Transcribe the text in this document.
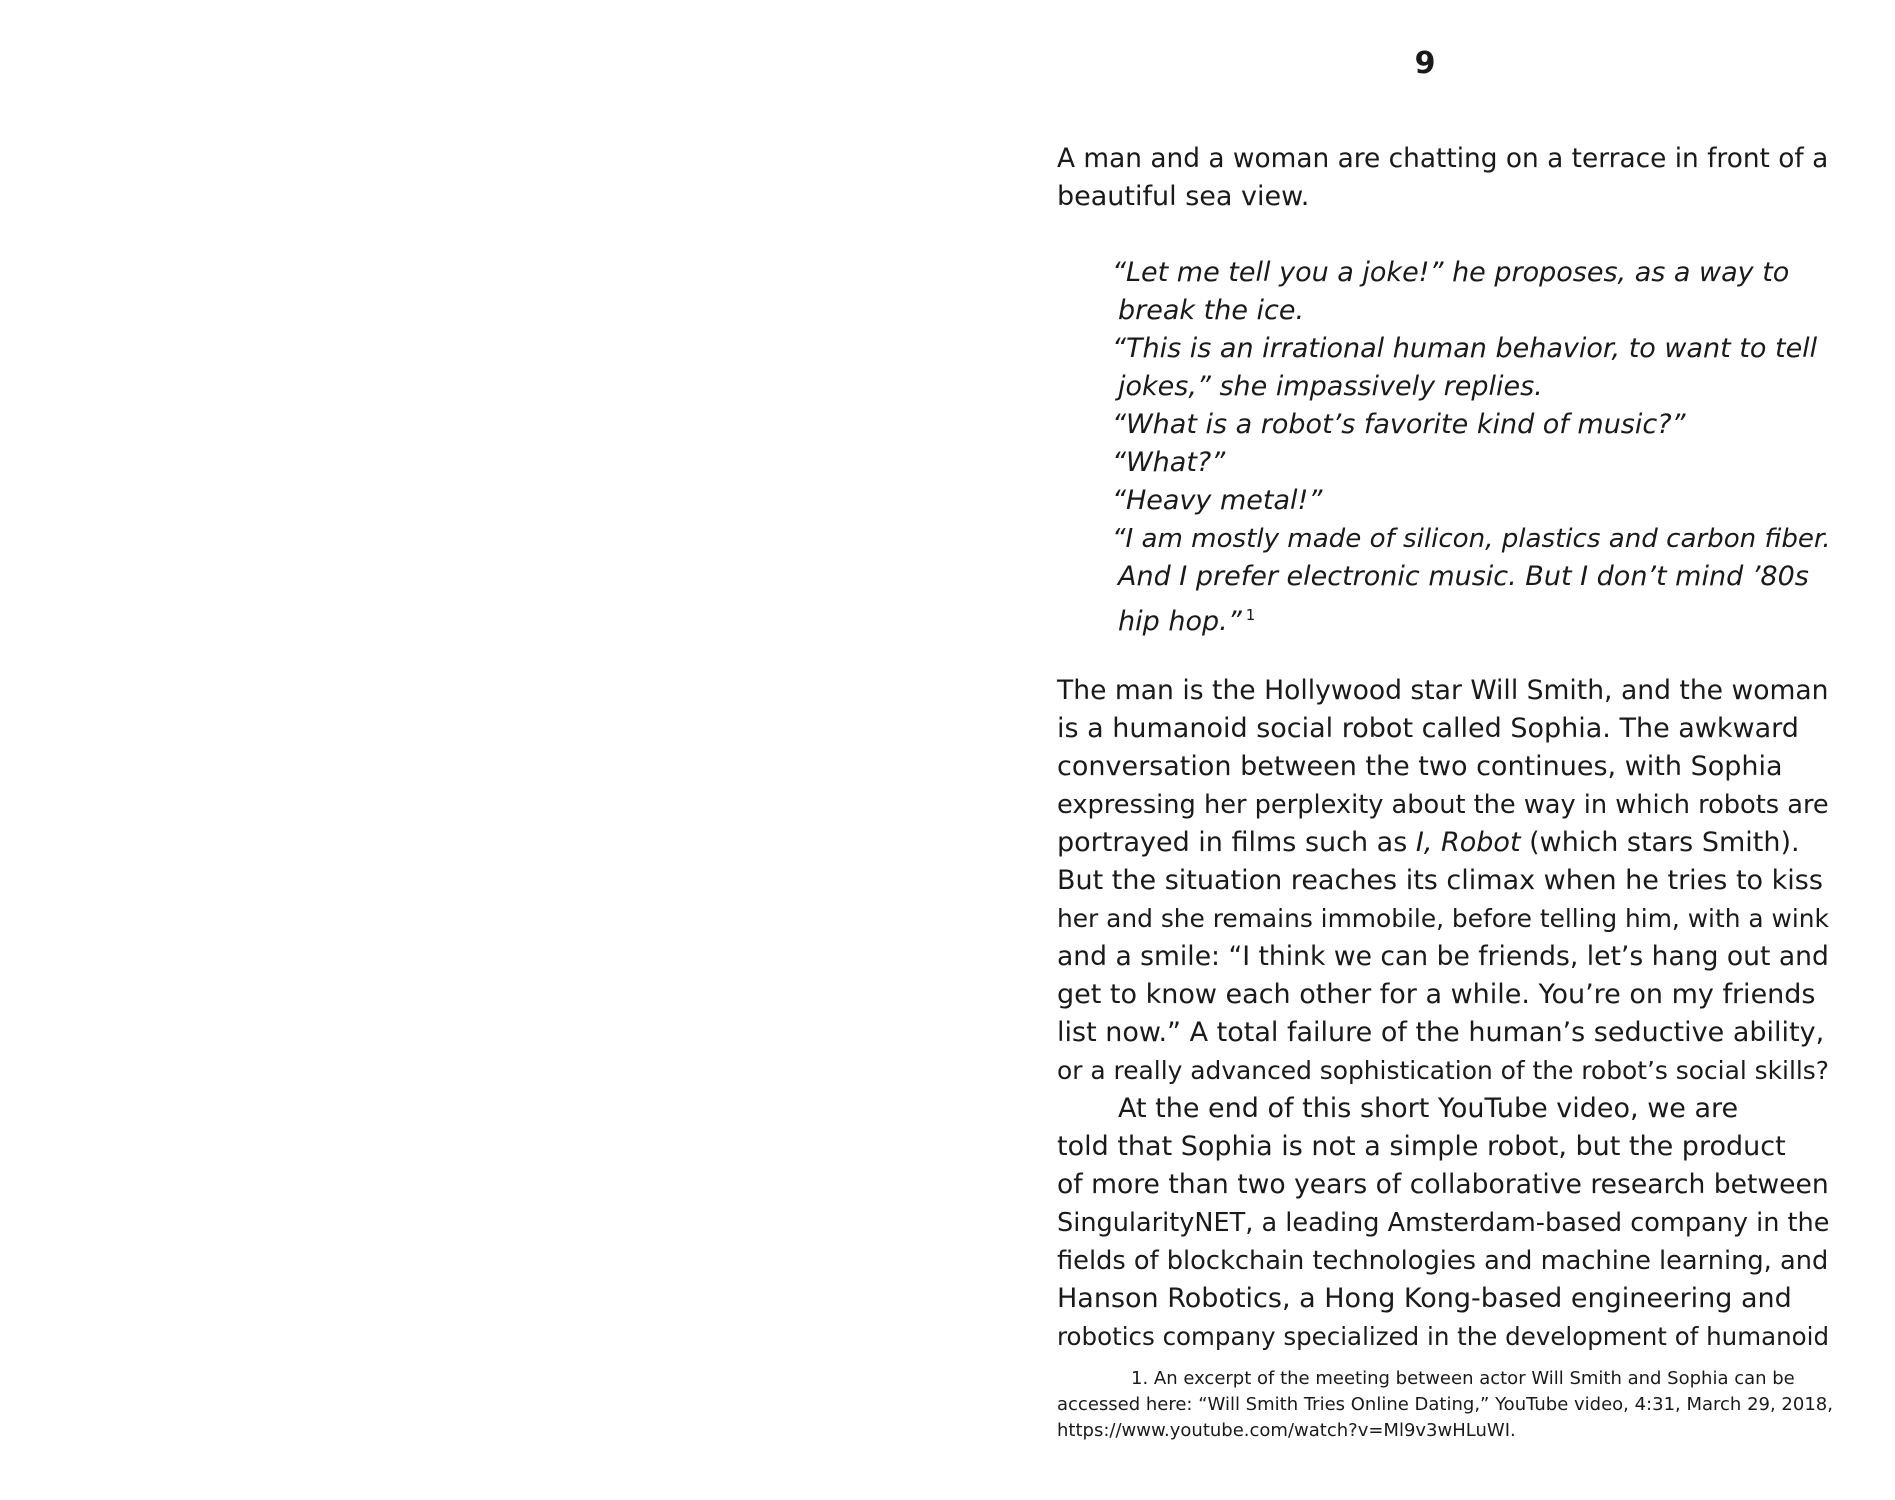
9
A man and a woman are chatting on a terrace in front of a
beautiful sea view.
“Let me tell you a joke!” he proposes, as a way to
break the ice.
“This is an irrational human behavior, to want to tell
jokes,” she impassively replies.
“What is a robot’s favorite kind of music?”
“What?”
“Heavy metal!”
“I am mostly made of silicon, plastics and carbon fiber.
And I prefer electronic music. But I don’t mind ’80s
hip hop.” $^1$
The man is the Hollywood star Will Smith, and the woman
is a humanoid social robot called Sophia. The awkward
conversation between the two continues, with Sophia
expressing her perplexity about the way in which robots are
portrayed in films such as I, Robot (which stars Smith).
But the situation reaches its climax when he tries to kiss
her and she remains immobile, before telling him, with a wink
and a smile: “I think we can be friends, let’s hang out and
get to know each other for a while. You’re on my friends
list now.” A total failure of the human’s seductive ability,
or a really advanced sophistication of the robot’s social skills?
At the end of this short YouTube video, we are
told that Sophia is not a simple robot, but the product
of more than two years of collaborative research between
SingularityNET, a leading Amsterdam-based company in the
fields of blockchain technologies and machine learning, and
Hanson Robotics, a Hong Kong-based engineering and
robotics company specialized in the development of humanoid
1. An excerpt of the meeting between actor Will Smith and Sophia can be
accessed here: “Will Smith Tries Online Dating,” YouTube video, 4:31, March 29, 2018,
https://www.youtube.com/watch?v=Ml9v3wHLuWI.
